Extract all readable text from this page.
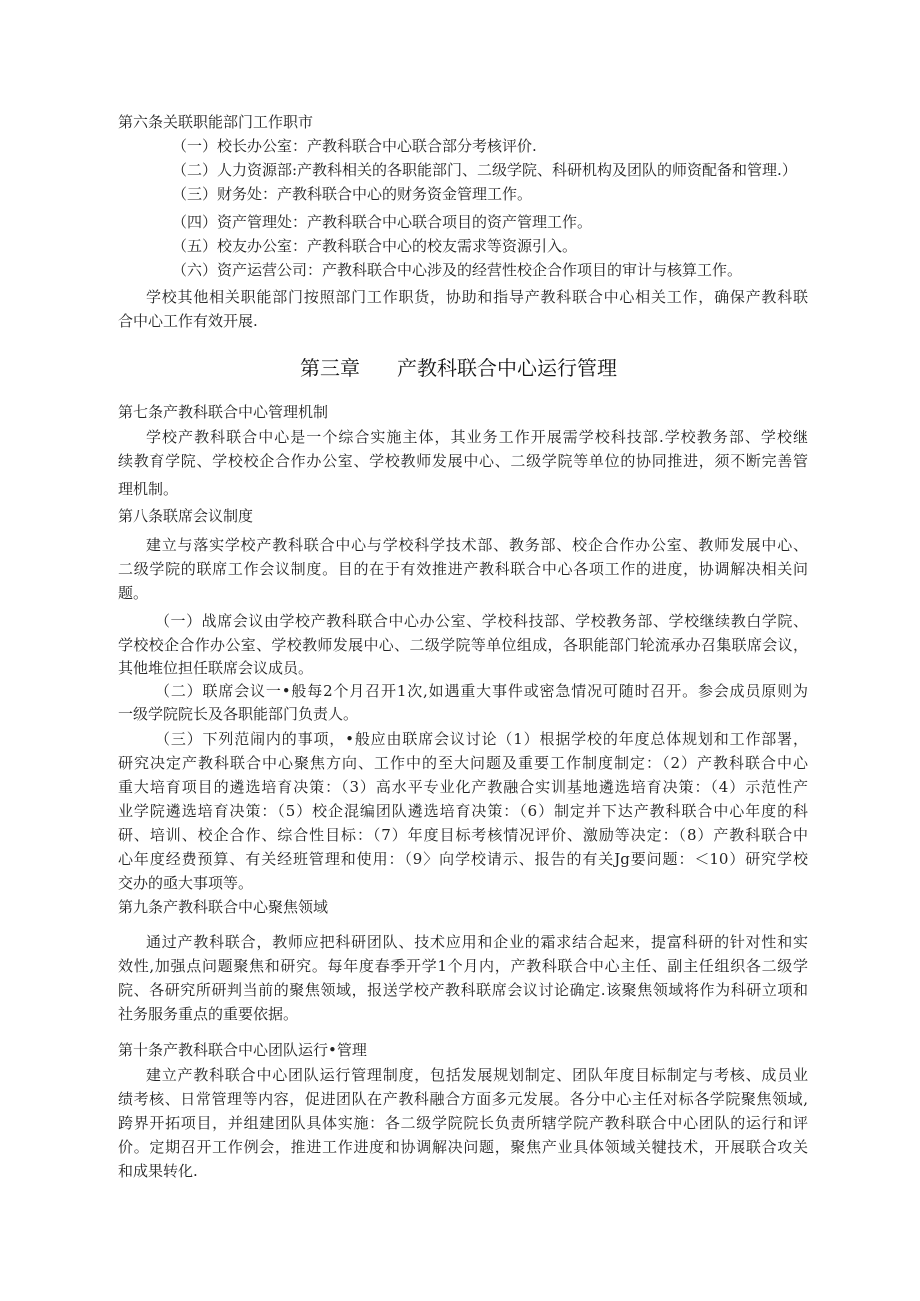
第三章 产教科联合中心运行管理
第六条关联职能部门工作职市
（一）校长办公室：产教科联合中心联合部分考核评价.
（二）人力资源部:产教科相关的各职能部门、二级学院、科研机构及团队的师资配备和管理.）
（三）财务处：产教科联合中心的财务资金管理工作。
（四）资产管理处：产教科联合中心联合项目的资产管理工作。
（五）校友办公室：产教科联合中心的校友需求等资源引入。
（六）资产运营公司：产教科联合中心涉及的经营性校企合作项目的审计与核算工作。
学校其他相关职能部门按照部门工作职货，协助和指导产教科联合中心相关工作，确保产教科联
合中心工作有效开展.
第七条产教科联合中心管理机制
学校产教科联合中心是一个综合实施主体，其业务工作开展需学校科技部.学校教务部、学校继
续教育学院、学校校企合作办公室、学校教师发展中心、二级学院等单位的协同推进，须不断完善管
理机制。
第八条联席会议制度
建立与落实学校产教科联合中心与学校科学技术部、教务部、校企合作办公室、教师发展中心、
二级学院的联席工作会议制度。目的在于有效推进产教科联合中心各项工作的进度，协调解决相关问
题。
（一）战席会议由学校产教科联合中心办公室、学校科技部、学校教务部、学校继续教白学院、
学校校企合作办公室、学校教师发展中心、二级学院等单位组成，各职能部门轮流承办召集联席会议，
其他堆位担任联席会议成员。
（二）联席会议一•般每2个月召开1次,如遇重大事件或密急情况可随时召开。参会成员原则为
一级学院院长及各职能部门负责人。
（三）下列范闹内的事项，•般应由联席会议讨论（1）根据学校的年度总体规划和工作部署，
研究决定产教科联合中心聚焦方向、工作中的至大问题及重要工作制度制定：（2）产教科联合中心
重大培育项目的遴选培育决策：（3）高水平专业化产教融合实训基地遴选培育决策：（4）示范性产
业学院遴选培育决策：（5）校企混编团队遴选培育决策：（6）制定并下达产教科联合中心年度的科
研、培训、校企合作、综合性目标：（7）年度目标考核情况评价、激励等决定：（8）产教科联合中
心年度经费预算、有关经班管理和使用：（9〉向学校请示、报告的有关Jg要问题：＜10）研究学校
交办的亟大事项等。
第九条产教科联合中心聚焦领域
通过产教科联合，教师应把科研团队、技术应用和企业的霜求结合起来，提富科研的针对性和实
效性,加强点问题聚焦和研究。每年度春季开学1个月内，产教科联合中心主任、副主任组织各二级学
院、各研究所研判当前的聚焦领域，报送学校产教科联席会议讨论确定.该聚焦领域将作为科研立项和
社务服务重点的重要依据。
第十条产教科联合中心团队运行•管理
建立产教科联合中心团队运行管理制度，包括发展规划制定、团队年度目标制定与考核、成员业
绩考核、日常管理等内容，促进团队在产教科融合方面多元发展。各分中心主任对标各学院聚焦领域,
跨界开拓项目，并组建团队具体实施：各二级学院院长负责所辖学院产教科联合中心团队的运行和评
价。定期召开工作例会，推进工作进度和协调解决问题，聚焦产业具体领域关犍技术，开展联合攻关
和成果转化.
